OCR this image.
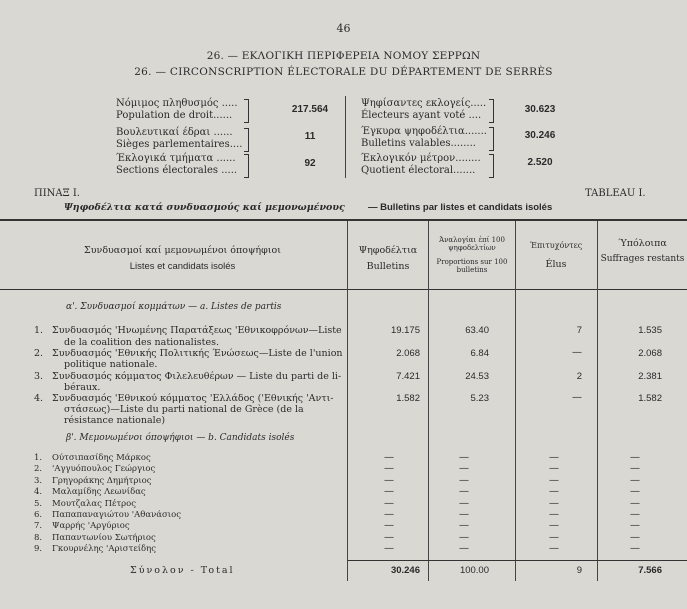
46
26. — ΕΚΛΟΓΙΚΗ ΠΕΡΙΦΕΡΕΙΑ ΝΟΜΟΥ ΣΕΡΡΩΝ
26. — CIRCONSCRIPTION ÉLECTORALE DU DÉPARTEMENT DE SERRÈS
Νόμιμος πληθυσμός .....
Population de droit......
217.564
Βουλευτικαί έδραι ......
Sièges parlementaires....
11
Έκλογικά τμήματα ......
Sections électorales .....
92
Ψηφίσαντες εκλογείς.....
Électeurs ayant voté ....
30.623
Έγκυρα ψηφοδέλτια.......
Bulletins valables........
30.246
Έκλογικόν μέτρον........
Quotient électoral.......
2.520
ΠΙΝΑΞ Ι.	TABLEAU I.
Ψηφοδέλτια κατά συνδυασμούς καί μεμονωμένους — Bulletins par listes et candidats isolés
Συνδυασμοί καί μεμονωμένοι όποψήφιοι
Listes et candidats isolés
Ψηφοδέλτια
Bulletins
Άναλογίαι έπί 100 ψηφοδελτίων
Proportions sur 100 bulletins
Έπιτυχόντες
Élus
Ύπόλοιπα
Suffrages restants
α'. Συνδυασμοί κομμάτων — a. Listes de partis
1. Συνδυασμός 'Ηνωμένης Παρατάξεως 'Εθνικοφρόνων—Liste
de la coalition des nationalistes.
19.175	63.40	7	1.535
2. Συνδυασμός 'Εθνικής Πολιτικής Ένώσεως—Liste de l'union
politique nationale.
2.068	6.84	—	2.068
3. Συνδυασμός κόμματος Φιλελευθέρων — Liste du parti de li-
béraux.
7.421	24.53	2	2.381
4. Συνδυασμός 'Εθνικού κόμματος 'Ελλάδος ('Εθνικής 'Αντι-
στάσεως)—Liste du parti national de Grèce (de la
résistance nationale)
1.582	5.23	—	1.582
β'. Μεμονωμένοι όποψήφιοι — b. Candidats isolés
1. Ούτσιπασίδης Μάρκος	—	—	—	—
2. 'Αγγυόπουλος Γεώργιος	—	—	—	—
3. Γρηγοράκης Δημήτριος	—	—	—	—
4. Μαλαμίδης Λεωνίδας	—	—	—	—
5. Μουτζαλας Πέτρος	—	—	—	—
6. Παπαπαναγιώτου 'Αθανάσιος	—	—	—	—
7. Ψαρρής 'Αργύριος	—	—	—	—
8. Παπαντωνίου Σωτήριος	—	—	—	—
9. Γκουρνέλης 'Αριστείδης	—	—	—	—
Σύνολον - Total	30.246	100.00	9	7.566
